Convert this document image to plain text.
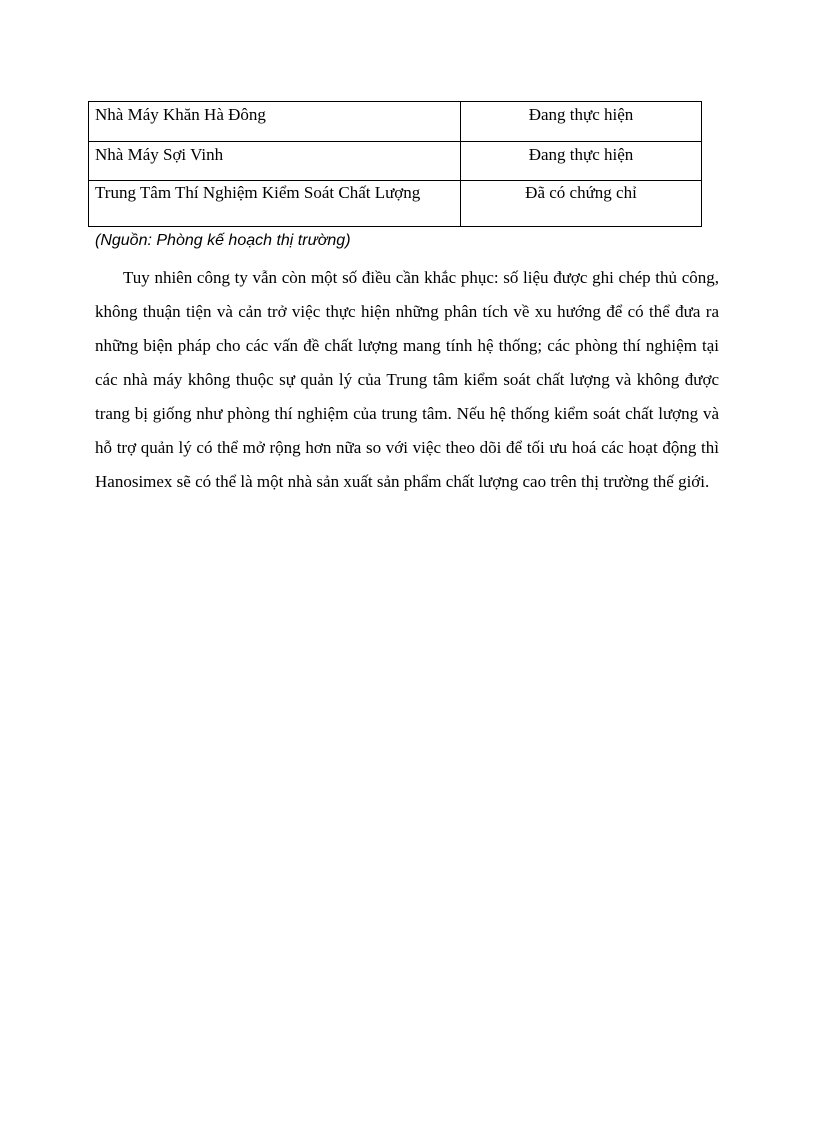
Nhà Máy Khăn Hà Đông	Đang thực hiện
Nhà Máy Sợi Vinh	Đang thực hiện
Trung Tâm Thí Nghiệm Kiểm Soát Chất Lượng	Đã có chứng chỉ
(Nguồn: Phòng kế hoạch thị trường)

Tuy nhiên công ty vẫn còn một số điều cần khắc phục: số liệu được ghi chép thủ công, không thuận tiện và cản trở việc thực hiện những phân tích về xu hướng để có thể đưa ra những biện pháp cho các vấn đề chất lượng mang tính hệ thống; các phòng thí nghiệm tại các nhà máy không thuộc sự quản lý của Trung tâm kiểm soát chất lượng và không được trang bị giống như phòng thí nghiệm của trung tâm. Nếu hệ thống kiểm soát chất lượng và hỗ trợ quản lý có thể mở rộng hơn nữa so với việc theo dõi để tối ưu hoá các hoạt động thì Hanosimex sẽ có thể là một nhà sản xuất sản phẩm chất lượng cao trên thị trường thế giới.
